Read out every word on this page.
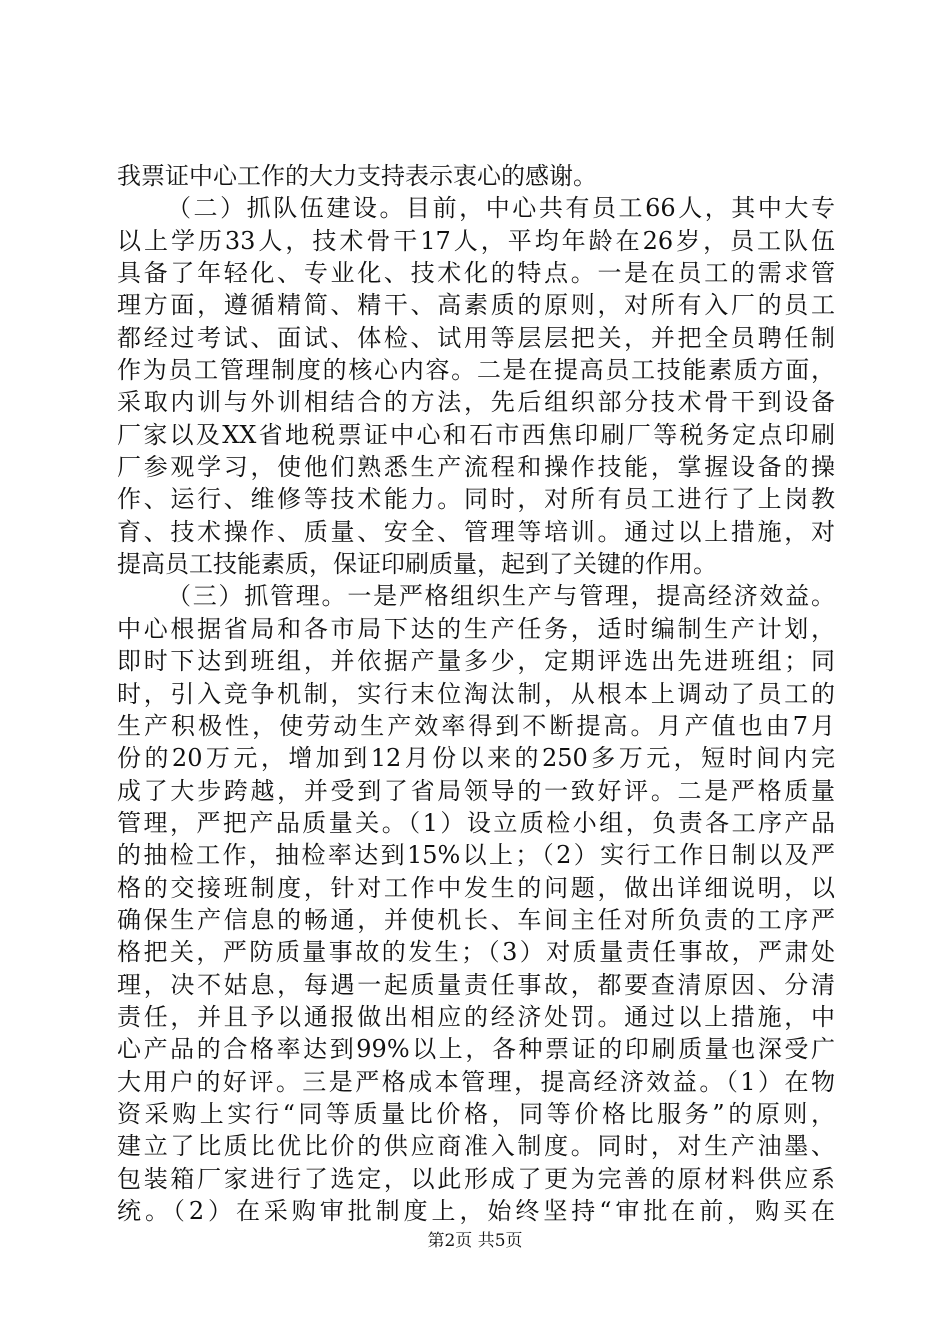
我票证中心工作的大力支持表示衷心的感谢。
（二）抓队伍建设。目前，中心共有员工66人，其中大专
以上学历33人，技术骨干17人，平均年龄在26岁，员工队伍
具备了年轻化、专业化、技术化的特点。一是在员工的需求管
理方面，遵循精简、精干、高素质的原则，对所有入厂的员工
都经过考试、面试、体检、试用等层层把关，并把全员聘任制
作为员工管理制度的核心内容。二是在提高员工技能素质方面，
采取内训与外训相结合的方法，先后组织部分技术骨干到设备
厂家以及XX省地税票证中心和石市西焦印刷厂等税务定点印刷
厂参观学习，使他们熟悉生产流程和操作技能，掌握设备的操
作、运行、维修等技术能力。同时，对所有员工进行了上岗教
育、技术操作、质量、安全、管理等培训。通过以上措施，对
提高员工技能素质，保证印刷质量，起到了关键的作用。
（三）抓管理。一是严格组织生产与管理，提高经济效益。
中心根据省局和各市局下达的生产任务，适时编制生产计划，
即时下达到班组，并依据产量多少，定期评选出先进班组；同
时，引入竞争机制，实行末位淘汰制，从根本上调动了员工的
生产积极性，使劳动生产效率得到不断提高。月产值也由7月
份的20万元，增加到12月份以来的250多万元，短时间内完
成了大步跨越，并受到了省局领导的一致好评。二是严格质量
管理，严把产品质量关。（1）设立质检小组，负责各工序产品
的抽检工作，抽检率达到15%以上；（2）实行工作日制以及严
格的交接班制度，针对工作中发生的问题，做出详细说明，以
确保生产信息的畅通，并使机长、车间主任对所负责的工序严
格把关，严防质量事故的发生；（3）对质量责任事故，严肃处
理，决不姑息，每遇一起质量责任事故，都要查清原因、分清
责任，并且予以通报做出相应的经济处罚。通过以上措施，中
心产品的合格率达到99%以上，各种票证的印刷质量也深受广
大用户的好评。三是严格成本管理，提高经济效益。（1）在物
资采购上实行“同等质量比价格，同等价格比服务”的原则，
建立了比质比优比价的供应商准入制度。同时，对生产油墨、
包装箱厂家进行了选定，以此形成了更为完善的原材料供应系
统。（2）在采购审批制度上，始终坚持“审批在前，购买在
第2页 共5页
